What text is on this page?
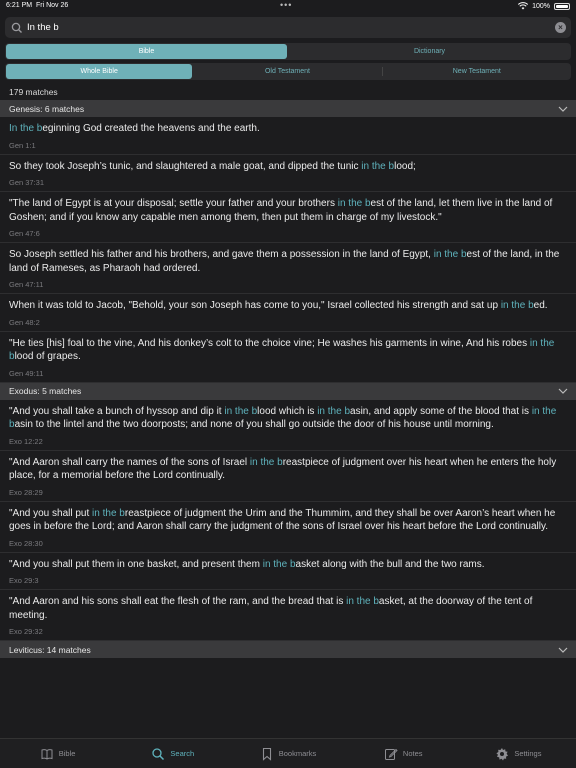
6:21 PM Fri Nov 26	•••	100%
In the b
×
Bible	Dictionary
Whole Bible	Old Testament	New Testament
179 matches
Genesis: 6 matches
In the beginning God created the heavens and the earth.
Gen 1:1
So they took Joseph’s tunic, and slaughtered a male goat, and dipped the tunic in the blood;
Gen 37:31
"The land of Egypt is at your disposal; settle your father and your brothers in the best of the land, let them live in the land of Goshen; and if you know any capable men among them, then put them in charge of my livestock."
Gen 47:6
So Joseph settled his father and his brothers, and gave them a possession in the land of Egypt, in the best of the land, in the land of Rameses, as Pharaoh had ordered.
Gen 47:11
When it was told to Jacob, "Behold, your son Joseph has come to you," Israel collected his strength and sat up in the bed.
Gen 48:2
"He ties [his] foal to the vine, And his donkey’s colt to the choice vine; He washes his garments in wine, And his robes in the blood of grapes.
Gen 49:11
Exodus: 5 matches
"And you shall take a bunch of hyssop and dip it in the blood which is in the basin, and apply some of the blood that is in the basin to the lintel and the two doorposts; and none of you shall go outside the door of his house until morning.
Exo 12:22
"And Aaron shall carry the names of the sons of Israel in the breastpiece of judgment over his heart when he enters the holy place, for a memorial before the Lord continually.
Exo 28:29
"And you shall put in the breastpiece of judgment the Urim and the Thummim, and they shall be over Aaron’s heart when he goes in before the Lord; and Aaron shall carry the judgment of the sons of Israel over his heart before the Lord continually.
Exo 28:30
"And you shall put them in one basket, and present them in the basket along with the bull and the two rams.
Exo 29:3
"And Aaron and his sons shall eat the flesh of the ram, and the bread that is in the basket, at the doorway of the tent of meeting.
Exo 29:32
Leviticus: 14 matches
Bible	Search	Bookmarks	Notes	Settings
